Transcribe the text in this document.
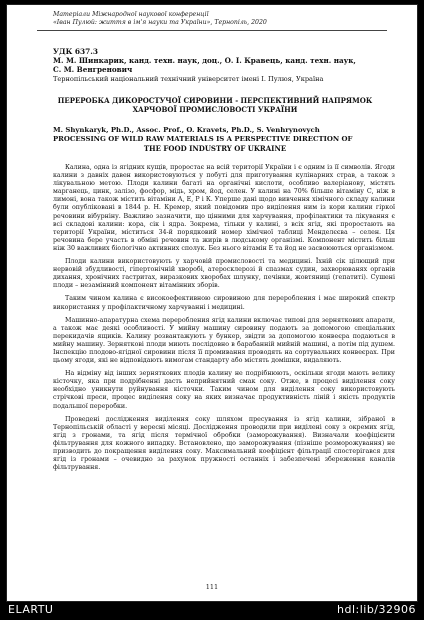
Матеріали Міжнародної наукової конференції
«Іван Пулюй: життя в ім'я науки та України», Тернопіль, 2020
УДК 637.3
М. М. Шинкарик, канд. техн. наук, доц., О. І. Кравець, канд. техн. наук,
С. М. Венгренович
Тернопільський національний технічний університет імені І. Пулюя, Україна
ПЕРЕРОБКА ДИКОРОСТУЧОЇ СИРОВИНИ - ПЕРСПЕКТИВНИЙ НАПРЯМОК
ХАРЧОВОЇ ПРОМИСЛОВОСТІ УКРАЇНИ
M. Shynkaryk, Ph.D., Assoc. Prof., O. Kravets, Ph.D., S. Venhrynovych
PROCESSING OF WILD RAW MATERIALS IS A PERSPECTIVE DIRECTION OF
THE FOOD INDUSTRY OF UKRAINE

Калина, одна із ягідних кущів, проростає на всій території України і є одним із її символів. Ягоди калини з давніх давен використовуються у побуті для приготування кулінарних страв, а також з лікувальною метою. Плоди калини багаті на органічні кислоти, особливо валеріанову, містять марганець, цинк, залізо, фосфор, мідь, хром, йод, селен. У калині на 70% більше вітаміну С, ніж в лимоні, вона також містить вітаміни А, Е, Р і К. Уперше дані щодо вивчення хімічного складу калини були опубліковані в 1844 р. Н. Кремер, який повідомив про виділення ним із кори калини гіркої речовини вібурніну. Важливо зазначити, що цінними для харчування, профілактики та лікування є всі складові калини: кора, сік і ядра. Зокрема, тільки у калині, з всіх ягід, які проростають на території України, міститься 34-й порядковий номер хімічної таблиці Менделєєва – селен. Ця речовина бере участь в обміні речовин та жирів в людському організмі. Компонент містить більш ніж 30 важливих біологічно активних сполук. Без нього вітамін Е та йод не засвоюються організмом.

Плоди калини використовують у харчовій промисловості та медицині. Їхній сік цілющий при нервовій збудливості, гіпертонічній хворобі, атеросклерозі й спазмах судин, захворюванях органів дихання, хронічних гастритах, виразкових хворобах шлунку, печінки, жовтяниці (гепатиті). Сушені плоди – незамінний компонент вітамінних зборів.

Таким чином калина є високоефективною сировиною для переробления і має широкий спектр використання у профілактичному харчуванні і медицині.

Машинно-апаратурна схема переробления ягід калини включає типові для зерняткових апарати, а також має деякі особливості. У мийну машину сировину подають за допомогою спеціальних перекидачів ящиків. Калину розвантажують у бункер, звідти за допомогою конвеєра подаються в мийну машину. Зерняткові плоди миють послідовно в барабанній мийній машині, а потім під душем. Інспекцію плодово-ягідної сировини після її промивання проводять на сортувальних конвеєрах. При цьому ягоди, які не відповідають вимогам стандарту або містять домішки, видаляють.

На відміну від інших зерняткових плодів калину не подрібнюють, оскільки ягоди мають велику кісточку, яка при подрібненні дасть неприйнятний смак соку. Отже, в процесі виділення соку необхідно уникнути руйнування кісточки. Таким чином для виділення соку використовують стрічкові преси, процес виділення соку на яких визначає продуктивність ліній і якість продуктів подальшої переробки.

Проведені дослідження виділення соку шляхом пресування із ягід калини, зібраної в Тернопільській області у вересні місяці. Дослідження проводили при виділені соку з окремих ягід, ягід з гронами, та ягід після термічної обробки (заморожування). Визначали коефіцієнти фільтрування для кожного випадку. Встановлено, що заморожування (пізніше розморожування) не призводить до покращення виділення соку. Максимальний коефіцієнт фільтрації спостерігався для ягід із гронами – очевидно за рахунок пружності останніх і забезпечені збереження каналів фільтрування.

111
ELARTU	hdl:lib/32906
